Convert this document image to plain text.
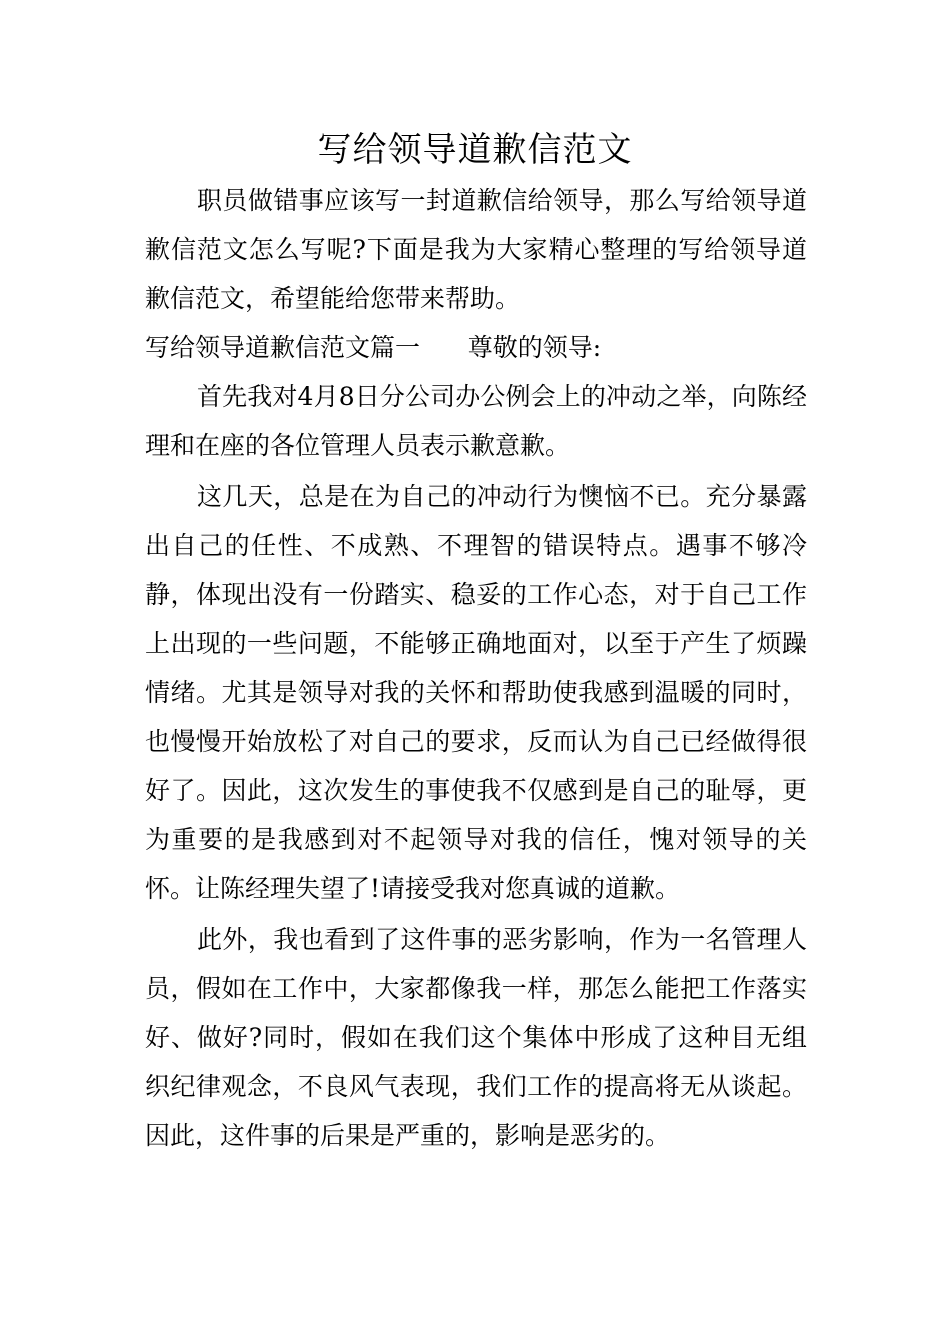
写给领导道歉信范文

职员做错事应该写一封道歉信给领导，那么写给领导道歉信范文怎么写呢?下面是我为大家精心整理的写给领导道歉信范文，希望能给您带来帮助。

写给领导道歉信范文篇一 尊敬的领导:

首先我对4月8日分公司办公例会上的冲动之举，向陈经理和在座的各位管理人员表示歉意歉。

这几天，总是在为自己的冲动行为懊恼不已。充分暴露出自己的任性、不成熟、不理智的错误特点。遇事不够冷静，体现出没有一份踏实、稳妥的工作心态，对于自己工作上出现的一些问题，不能够正确地面对，以至于产生了烦躁情绪。尤其是领导对我的关怀和帮助使我感到温暖的同时，也慢慢开始放松了对自己的要求，反而认为自己已经做得很好了。因此，这次发生的事使我不仅感到是自己的耻辱，更为重要的是我感到对不起领导对我的信任，愧对领导的关怀。让陈经理失望了!请接受我对您真诚的道歉。

此外，我也看到了这件事的恶劣影响，作为一名管理人员，假如在工作中，大家都像我一样，那怎么能把工作落实好、做好?同时，假如在我们这个集体中形成了这种目无组织纪律观念，不良风气表现，我们工作的提高将无从谈起。因此，这件事的后果是严重的，影响是恶劣的。
